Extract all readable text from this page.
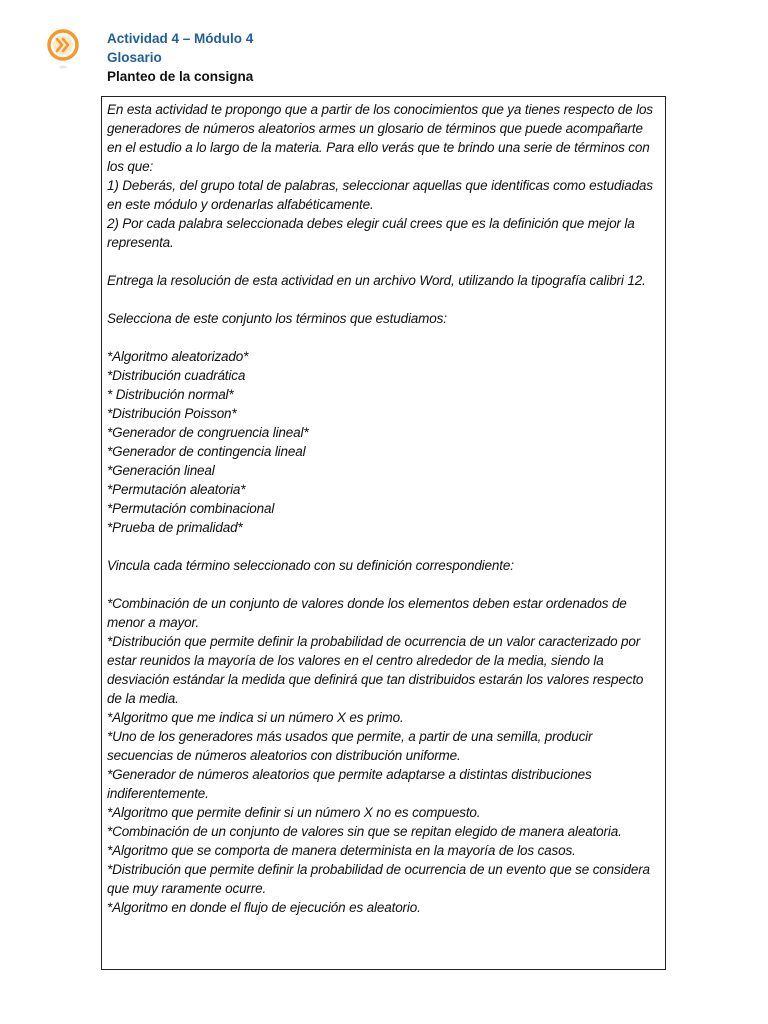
Actividad 4 – Módulo 4
Glosario
Planteo de la consigna

En esta actividad te propongo que a partir de los conocimientos que ya tienes respecto de los generadores de números aleatorios armes un glosario de términos que puede acompañarte en el estudio a lo largo de la materia. Para ello verás que te brindo una serie de términos con los que:

1) Deberás, del grupo total de palabras, seleccionar aquellas que identificas como estudiadas en este módulo y ordenarlas alfabéticamente.

2) Por cada palabra seleccionada debes elegir cuál crees que es la definición que mejor la representa.

Entrega la resolución de esta actividad en un archivo Word, utilizando la tipografía calibri 12.

Selecciona de este conjunto los términos que estudiamos:

*Algoritmo aleatorizado*
*Distribución cuadrática
* Distribución normal*
*Distribución Poisson*
*Generador de congruencia lineal*
*Generador de contingencia lineal
*Generación lineal
*Permutación aleatoria*
*Permutación combinacional
*Prueba de primalidad*

Vincula cada término seleccionado con su definición correspondiente:

*Combinación de un conjunto de valores donde los elementos deben estar ordenados de menor a mayor.
*Distribución que permite definir la probabilidad de ocurrencia de un valor caracterizado por estar reunidos la mayoría de los valores en el centro alrededor de la media, siendo la desviación estándar la medida que definirá que tan distribuidos estarán los valores respecto de la media.
*Algoritmo que me indica si un número X es primo.
*Uno de los generadores más usados que permite, a partir de una semilla, producir secuencias de números aleatorios con distribución uniforme.
*Generador de números aleatorios que permite adaptarse a distintas distribuciones indiferentemente.
*Algoritmo que permite definir si un número X no es compuesto.
*Combinación de un conjunto de valores sin que se repitan elegido de manera aleatoria.
*Algoritmo que se comporta de manera determinista en la mayoría de los casos.
*Distribución que permite definir la probabilidad de ocurrencia de un evento que se considera que muy raramente ocurre.
*Algoritmo en donde el flujo de ejecución es aleatorio.
